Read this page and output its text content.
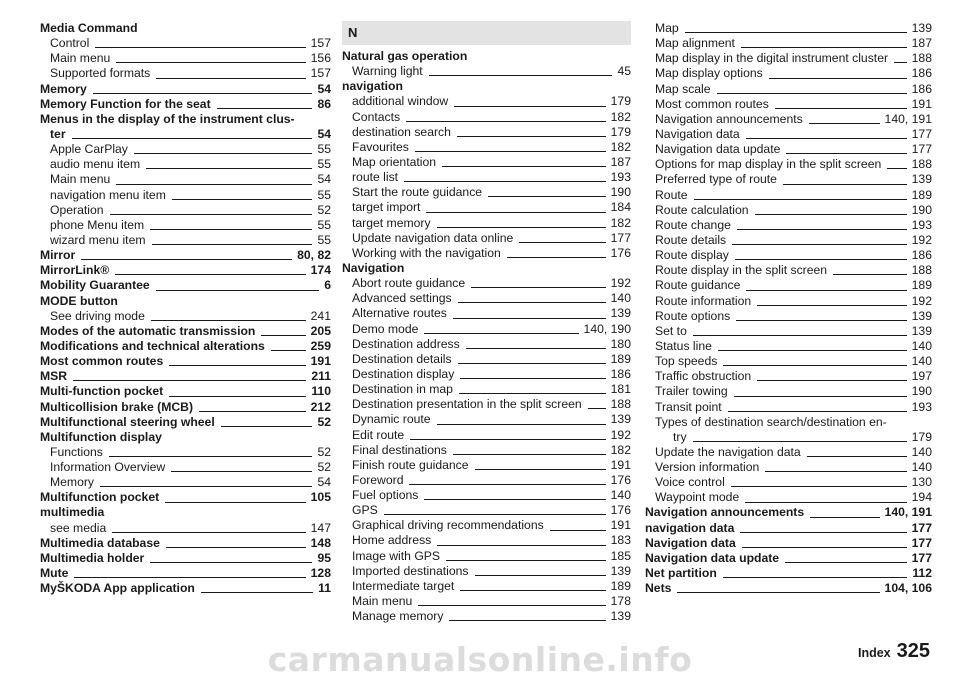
carmanualsonline.info
Media Command
Control	157
Main menu	156
Supported formats	157
Memory	54
Memory Function for the seat	86
Menus in the display of the instrument clus-
ter	54
Apple CarPlay	55
audio menu item	55
Main menu	54
navigation menu item	55
Operation	52
phone Menu item	55
wizard menu item	55
Mirror	80, 82
MirrorLink®	174
Mobility Guarantee	6
MODE button
See driving mode	241
Modes of the automatic transmission	205
Modifications and technical alterations	259
Most common routes	191
MSR	211
Multi-function pocket	110
Multicollision brake (MCB)	212
Multifunctional steering wheel	52
Multifunction display
Functions	52
Information Overview	52
Memory	54
Multifunction pocket	105
multimedia
see media	147
Multimedia database	148
Multimedia holder	95
Mute	128
MyŠKODA App application	11
N
Natural gas operation
Warning light	45
navigation
additional window	179
Contacts	182
destination search	179
Favourites	182
Map orientation	187
route list	193
Start the route guidance	190
target import	184
target memory	182
Update navigation data online	177
Working with the navigation	176
Navigation
Abort route guidance	192
Advanced settings	140
Alternative routes	139
Demo mode	140, 190
Destination address	180
Destination details	189
Destination display	186
Destination in map	181
Destination presentation in the split screen 188
Dynamic route	139
Edit route	192
Final destinations	182
Finish route guidance	191
Foreword	176
Fuel options	140
GPS	176
Graphical driving recommendations	191
Home address	183
Image with GPS	185
Imported destinations	139
Intermediate target	189
Main menu	178
Manage memory	139
Map	139
Map alignment	187
Map display in the digital instrument cluster 188
Map display options	186
Map scale	186
Most common routes	191
Navigation announcements	140, 191
Navigation data	177
Navigation data update	177
Options for map display in the split screen 188
Preferred type of route	139
Route	189
Route calculation	190
Route change	193
Route details	192
Route display	186
Route display in the split screen	188
Route guidance	189
Route information	192
Route options	139
Set to	139
Status line	140
Top speeds	140
Traffic obstruction	197
Trailer towing	190
Transit point	193
Types of destination search/destination en-
try	179
Update the navigation data	140
Version information	140
Voice control	130
Waypoint mode	194
Navigation announcements	140, 191
navigation data	177
Navigation data	177
Navigation data update	177
Net partition	112
Nets	104, 106
Index 325
